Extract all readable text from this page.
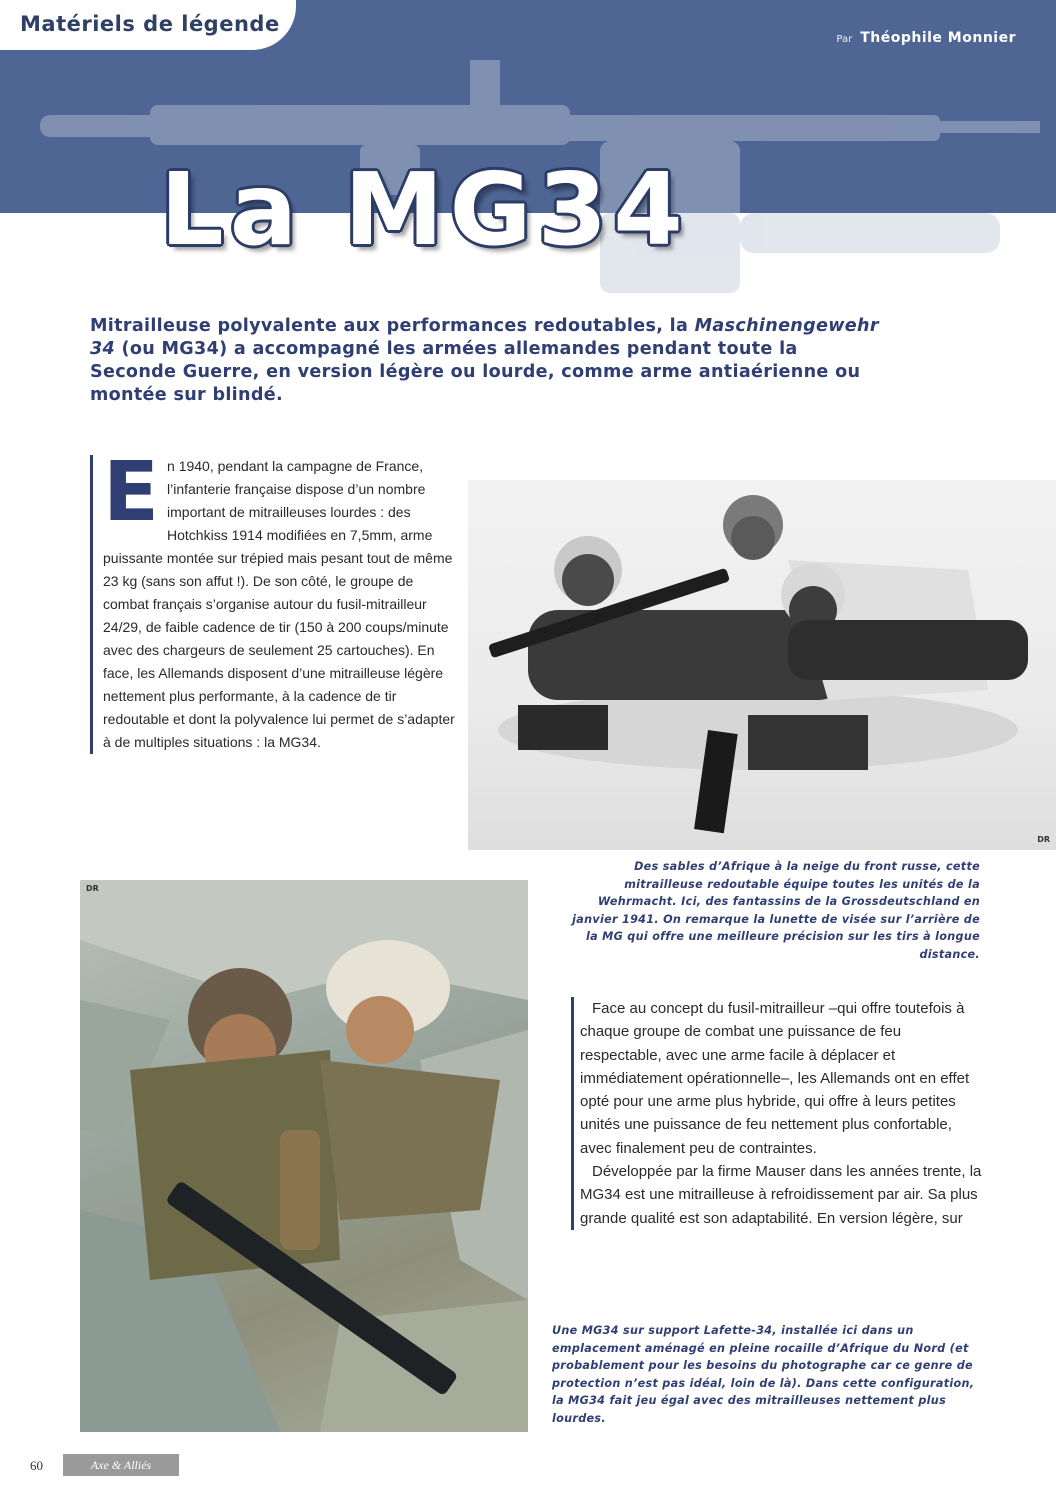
Matériels de légende
Par Théophile Monnier
La MG34
Mitrailleuse polyvalente aux performances redoutables, la Maschinengewehr 34 (ou MG34) a accompagné les armées allemandes pendant toute la Seconde Guerre, en version légère ou lourde, comme arme antiaérienne ou montée sur blindé.
En 1940, pendant la campagne de France, l’infanterie française dispose d’un nombre important de mitrailleuses lourdes : des Hotchkiss 1914 modifiées en 7,5mm, arme puissante montée sur trépied mais pesant tout de même 23 kg (sans son affut !). De son côté, le groupe de combat français s’organise autour du fusil-mitrailleur 24/29, de faible cadence de tir (150 à 200 coups/minute avec des chargeurs de seulement 25 cartouches). En face, les Allemands disposent d’une mitrailleuse légère nettement plus performante, à la cadence de tir redoutable et dont la polyvalence lui permet de s’adapter à de multiples situations : la MG34.
DR
Des sables d’Afrique à la neige du front russe, cette mitrailleuse redoutable équipe toutes les unités de la Wehrmacht. Ici, des fantassins de la Grossdeutschland en janvier 1941. On remarque la lunette de visée sur l’arrière de la MG qui offre une meilleure précision sur les tirs à longue distance.
DR

Face au concept du fusil-mitrailleur –qui offre toutefois à chaque groupe de combat une puissance de feu respectable, avec une arme facile à déplacer et immédiatement opérationnelle–, les Allemands ont en effet opté pour une arme plus hybride, qui offre à leurs petites unités une puissance de feu nettement plus confortable, avec finalement peu de contraintes.

Développée par la firme Mauser dans les années trente, la MG34 est une mitrailleuse à refroidissement par air. Sa plus grande qualité est son adaptabilité. En version légère, sur

Une MG34 sur support Lafette-34, installée ici dans un emplacement aménagé en pleine rocaille d’Afrique du Nord (et probablement pour les besoins du photographe car ce genre de protection n’est pas idéal, loin de là). Dans cette configuration, la MG34 fait jeu égal avec des mitrailleuses nettement plus lourdes.
60	Axe & Alliés
